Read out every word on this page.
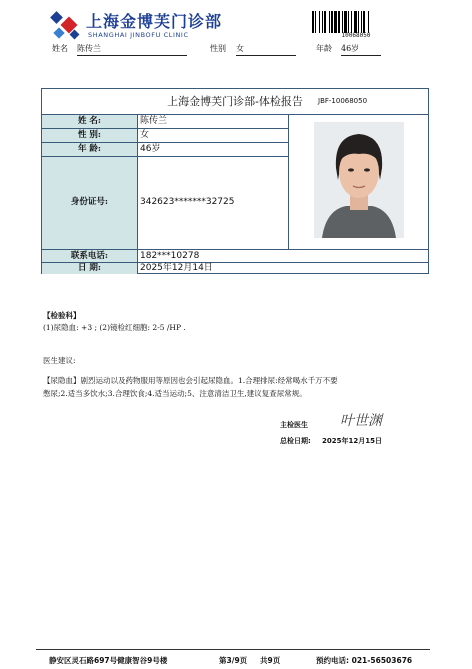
上海金博芙门诊部
SHANGHAI JINBOFU CLINIC	10068050
姓名 陈传兰	性别 女	年龄 46岁
上海金博芙门诊部-体检报告	JBF-10068050
姓 名:	陈传兰
性 别:	女
年 龄:	46岁
身份证号:	342623*******32725
联系电话:	182***10278
日 期:	2025年12月14日
【检验科】
(1)尿隐血: +3 ; (2)镜检红细胞: 2-5 /HP .
医生建议:
【尿隐血】剧烈运动以及药物服用等原因也会引起尿隐血。1.合理排尿:经常喝水千万不要
憋尿;2.适当多饮水;3.合理饮食;4.适当运动;5、注意清洁卫生,建议复查尿常规。
主检医生 叶世渊
总检日期: 2025年12月15日
静安区灵石路697号健康智谷9号楼	第3/9页 共9页	预约电话: 021-56503676
